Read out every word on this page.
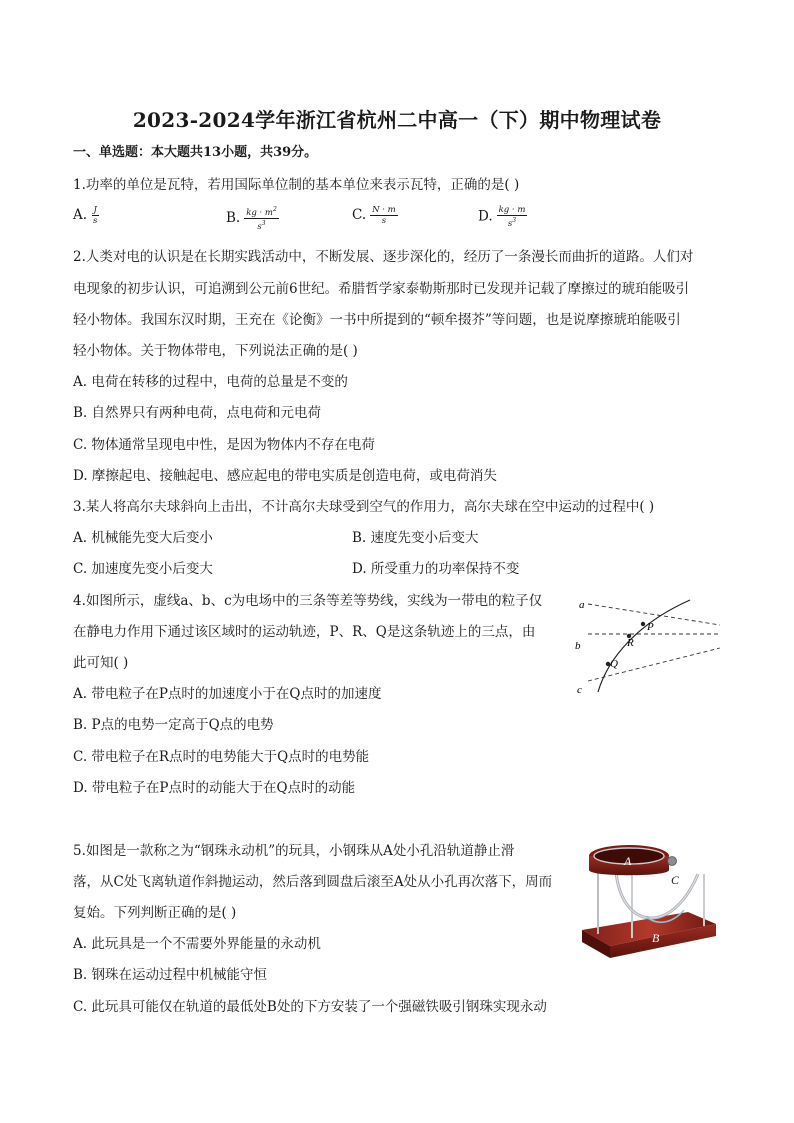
2023-2024学年浙江省杭州二中高一（下）期中物理试卷
一、单选题：本大题共13小题，共39分。
1.功率的单位是瓦特，若用国际单位制的基本单位来表示瓦特，正确的是( )
A. $\frac{J}{s}$	B. $\frac{kg \cdot m^2}{s^3}$	C. $\frac{N \cdot m}{s}$	D. $\frac{kg \cdot m}{s^3}$
2.人类对电的认识是在长期实践活动中，不断发展、逐步深化的，经历了一条漫长而曲折的道路。人们对
电现象的初步认识，可追溯到公元前6世纪。希腊哲学家泰勒斯那时已发现并记载了摩擦过的琥珀能吸引
轻小物体。我国东汉时期，王充在《论衡》一书中所提到的“顿牟掇芥”等问题，也是说摩擦琥珀能吸引
轻小物体。关于物体带电，下列说法正确的是( )
A. 电荷在转移的过程中，电荷的总量是不变的
B. 自然界只有两种电荷，点电荷和元电荷
C. 物体通常呈现电中性，是因为物体内不存在电荷
D. 摩擦起电、接触起电、感应起电的带电实质是创造电荷，或电荷消失
3.某人将高尔夫球斜向上击出，不计高尔夫球受到空气的作用力，高尔夫球在空中运动的过程中( )
A. 机械能先变大后变小	B. 速度先变小后变大
C. 加速度先变小后变大	D. 所受重力的功率保持不变
4.如图所示，虚线a、b、c为电场中的三条等差等势线，实线为一带电的粒子仅
在静电力作用下通过该区域时的运动轨迹，P、R、Q是这条轨迹上的三点，由
此可知( )
A. 带电粒子在P点时的加速度小于在Q点时的加速度
B. P点的电势一定高于Q点的电势
C. 带电粒子在R点时的电势能大于Q点时的电势能
D. 带电粒子在P点时的动能大于在Q点时的动能
a
b
c
P
R
Q
5.如图是一款称之为“钢珠永动机”的玩具，小钢珠从A处小孔沿轨道静止滑
落，从C处飞离轨道作斜抛运动，然后落到圆盘后滚至A处从小孔再次落下，周而
复始。下列判断正确的是( )
A. 此玩具是一个不需要外界能量的永动机
B. 钢珠在运动过程中机械能守恒
C. 此玩具可能仅在轨道的最低处B处的下方安装了一个强磁铁吸引钢珠实现永动
A
C
B
